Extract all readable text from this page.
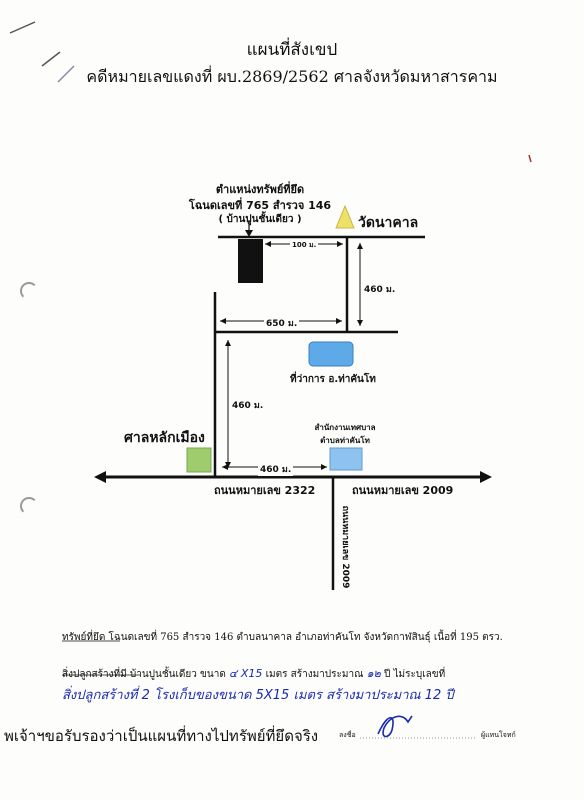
แผนที่สังเขป
คดีหมายเลขแดงที่ ผบ.2869/2562 ศาลจังหวัดมหาสารคาม
ตำแหน่งทรัพย์ที่ยึด
โฉนดเลขที่ 765 สำรวจ 146
( บ้านปูนชั้นเดียว )	วัดนาคาล
100 ม.
460 ม.
650 ม.
ที่ว่าการ อ.ท่าคันโท
460 ม.
ศาลหลักเมือง
สำนักงานเทศบาล
ตำบลท่าคันโท
460 ม.
ถนนหมายเลข 2322	ถนนหมายเลข 2009
ถนนหมายเลข 2009
ทรัพย์ที่ยึด โฉนดเลขที่ 765 สำรวจ 146 ตำบลนาคาล อำเภอท่าคันโท จังหวัดกาฬสินธุ์ เนื้อที่ 195 ตรว.
สิ่งปลูกสร้างที่มี บ้านปูนชั้นเดียว ขนาด ๔ X15 เมตร สร้างมาประมาณ ๑๒ ปี ไม่ระบุเลขที่
สิ่งปลูกสร้างที่ 2 โรงเก็บของขนาด 5X15 เมตร สร้างมาประมาณ 12 ปี
พเจ้าฯขอรับรองว่าเป็นแผนที่ทางไปทรัพย์ที่ยึดจริง	ลงชื่อ	ผู้แทนโจทก์
